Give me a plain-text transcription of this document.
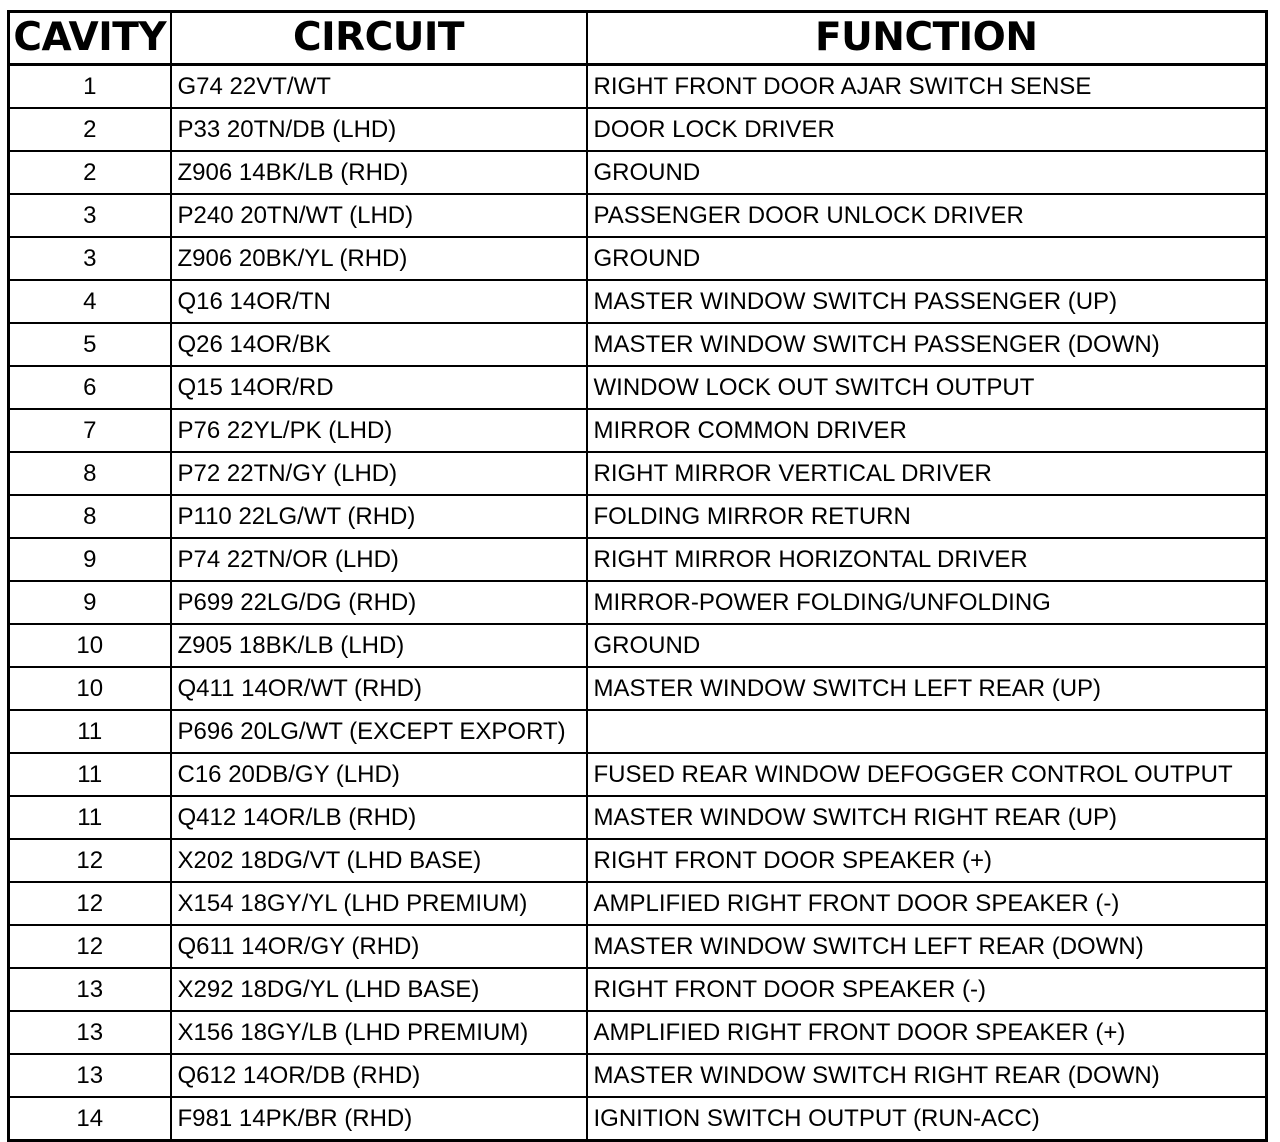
CAVITY	CIRCUIT	FUNCTION
1	G74 22VT/WT	RIGHT FRONT DOOR AJAR SWITCH SENSE
2	P33 20TN/DB (LHD)	DOOR LOCK DRIVER
2	Z906 14BK/LB (RHD)	GROUND
3	P240 20TN/WT (LHD)	PASSENGER DOOR UNLOCK DRIVER
3	Z906 20BK/YL (RHD)	GROUND
4	Q16 14OR/TN	MASTER WINDOW SWITCH PASSENGER (UP)
5	Q26 14OR/BK	MASTER WINDOW SWITCH PASSENGER (DOWN)
6	Q15 14OR/RD	WINDOW LOCK OUT SWITCH OUTPUT
7	P76 22YL/PK (LHD)	MIRROR COMMON DRIVER
8	P72 22TN/GY (LHD)	RIGHT MIRROR VERTICAL DRIVER
8	P110 22LG/WT (RHD)	FOLDING MIRROR RETURN
9	P74 22TN/OR (LHD)	RIGHT MIRROR HORIZONTAL DRIVER
9	P699 22LG/DG (RHD)	MIRROR-POWER FOLDING/UNFOLDING
10	Z905 18BK/LB (LHD)	GROUND
10	Q411 14OR/WT (RHD)	MASTER WINDOW SWITCH LEFT REAR (UP)
11	P696 20LG/WT (EXCEPT EXPORT)	
11	C16 20DB/GY (LHD)	FUSED REAR WINDOW DEFOGGER CONTROL OUTPUT
11	Q412 14OR/LB (RHD)	MASTER WINDOW SWITCH RIGHT REAR (UP)
12	X202 18DG/VT (LHD BASE)	RIGHT FRONT DOOR SPEAKER (+)
12	X154 18GY/YL (LHD PREMIUM)	AMPLIFIED RIGHT FRONT DOOR SPEAKER (-)
12	Q611 14OR/GY (RHD)	MASTER WINDOW SWITCH LEFT REAR (DOWN)
13	X292 18DG/YL (LHD BASE)	RIGHT FRONT DOOR SPEAKER (-)
13	X156 18GY/LB (LHD PREMIUM)	AMPLIFIED RIGHT FRONT DOOR SPEAKER (+)
13	Q612 14OR/DB (RHD)	MASTER WINDOW SWITCH RIGHT REAR (DOWN)
14	F981 14PK/BR (RHD)	IGNITION SWITCH OUTPUT (RUN-ACC)
